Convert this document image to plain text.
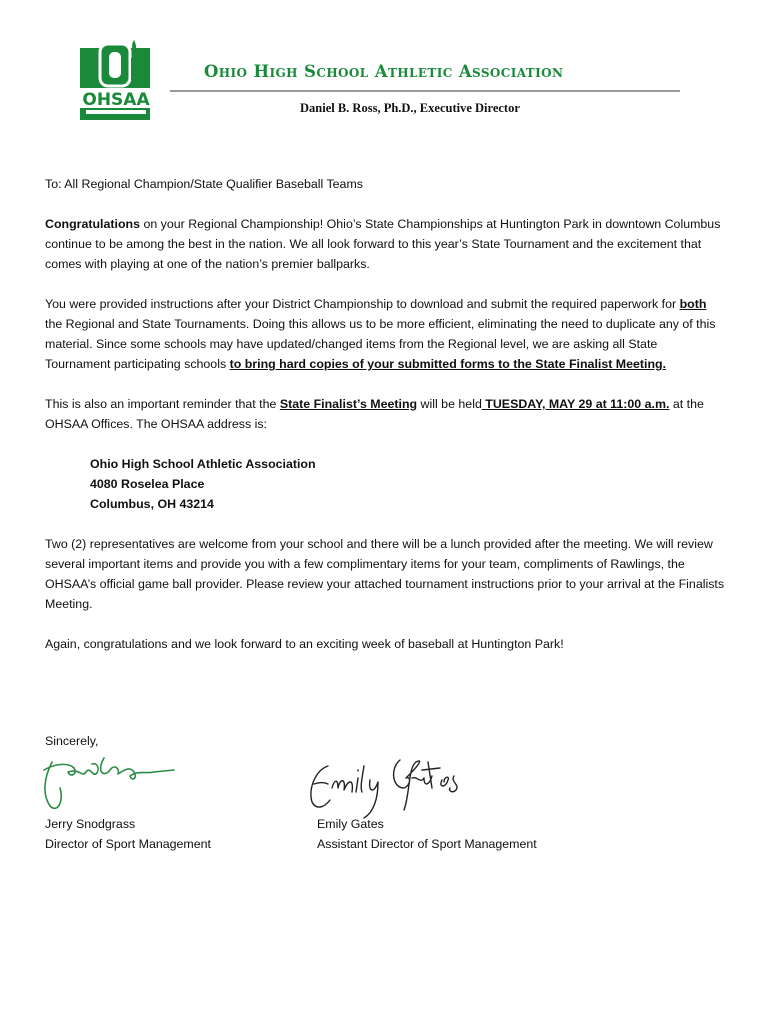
OHSAA
Ohio High School Athletic Association
Daniel B. Ross, Ph.D., Executive Director

To: All Regional Champion/State Qualifier Baseball Teams

Congratulations on your Regional Championship! Ohio’s State Championships at Huntington Park in downtown Columbus continue to be among the best in the nation. We all look forward to this year’s State Tournament and the excitement that comes with playing at one of the nation’s premier ballparks.

You were provided instructions after your District Championship to download and submit the required paperwork for both the Regional and State Tournaments. Doing this allows us to be more efficient, eliminating the need to duplicate any of this material. Since some schools may have updated/changed items from the Regional level, we are asking all State Tournament participating schools to bring hard copies of your submitted forms to the State Finalist Meeting.

This is also an important reminder that the State Finalist’s Meeting will be held TUESDAY, MAY 29 at 11:00 a.m. at the OHSAA Offices. The OHSAA address is:

Ohio High School Athletic Association
4080 Roselea Place
Columbus, OH 43214

Two (2) representatives are welcome from your school and there will be a lunch provided after the meeting. We will review several important items and provide you with a few complimentary items for your team, compliments of Rawlings, the OHSAA’s official game ball provider. Please review your attached tournament instructions prior to your arrival at the Finalists Meeting.

Again, congratulations and we look forward to an exciting week of baseball at Huntington Park!

Sincerely,
Jerry Snodgrass
Director of Sport Management
Emily Gates
Assistant Director of Sport Management
